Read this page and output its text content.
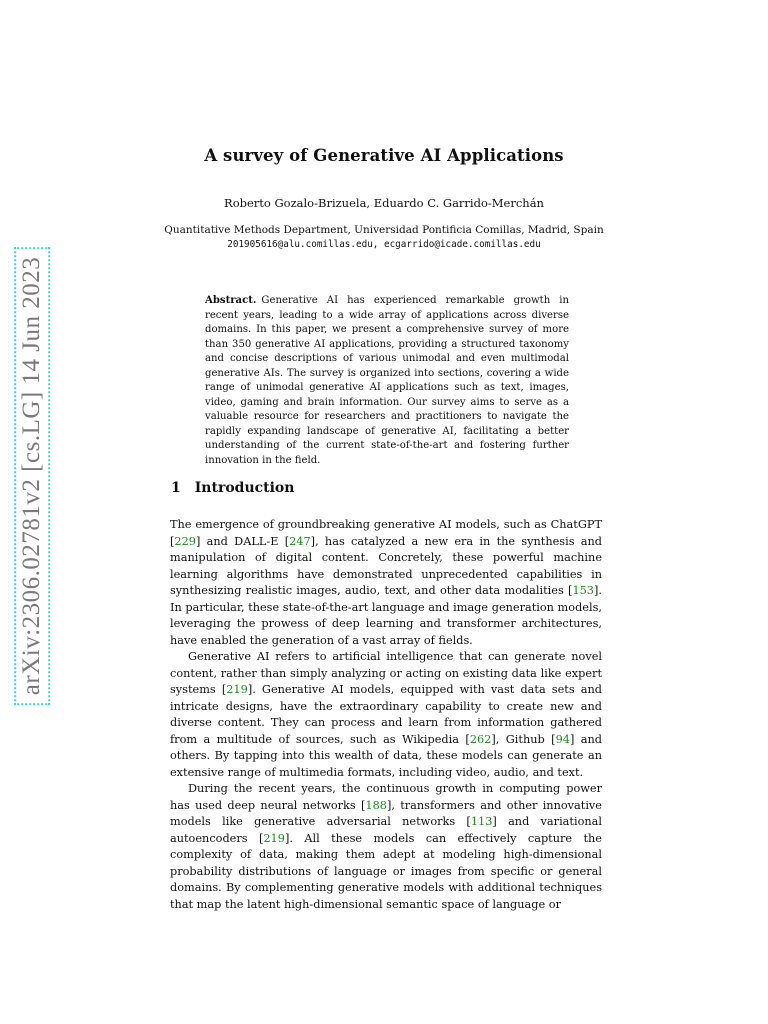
arXiv:2306.02781v2 [cs.LG] 14 Jun 2023
A survey of Generative AI Applications
Roberto Gozalo-Brizuela, Eduardo C. Garrido-Merchán
Quantitative Methods Department, Universidad Pontificia Comillas, Madrid, Spain
201905616@alu.comillas.edu, ecgarrido@icade.comillas.edu
Abstract. Generative AI has experienced remarkable growth in recent years, leading to a wide array of applications across diverse domains. In this paper, we present a comprehensive survey of more than 350 generative AI applications, providing a structured taxonomy and concise descriptions of various unimodal and even multimodal generative AIs. The survey is organized into sections, covering a wide range of unimodal generative AI applications such as text, images, video, gaming and brain information. Our survey aims to serve as a valuable resource for researchers and practitioners to navigate the rapidly expanding landscape of generative AI, facilitating a better understanding of the current state-of-the-art and fostering further innovation in the field.
1 Introduction

The emergence of groundbreaking generative AI models, such as ChatGPT [229] and DALL-E [247], has catalyzed a new era in the synthesis and manipulation of digital content. Concretely, these powerful machine learning algorithms have demonstrated unprecedented capabilities in synthesizing realistic images, audio, text, and other data modalities [153]. In particular, these state-of-the-art language and image generation models, leveraging the prowess of deep learning and transformer architectures, have enabled the generation of a vast array of fields.

Generative AI refers to artificial intelligence that can generate novel content, rather than simply analyzing or acting on existing data like expert systems [219]. Generative AI models, equipped with vast data sets and intricate designs, have the extraordinary capability to create new and diverse content. They can process and learn from information gathered from a multitude of sources, such as Wikipedia [262], Github [94] and others. By tapping into this wealth of data, these models can generate an extensive range of multimedia formats, including video, audio, and text.

During the recent years, the continuous growth in computing power has used deep neural networks [188], transformers and other innovative models like generative adversarial networks [113] and variational autoencoders [219]. All these models can effectively capture the complexity of data, making them adept at modeling high-dimensional probability distributions of language or images from specific or general domains. By complementing generative models with additional techniques that map the latent high-dimensional semantic space of language or
